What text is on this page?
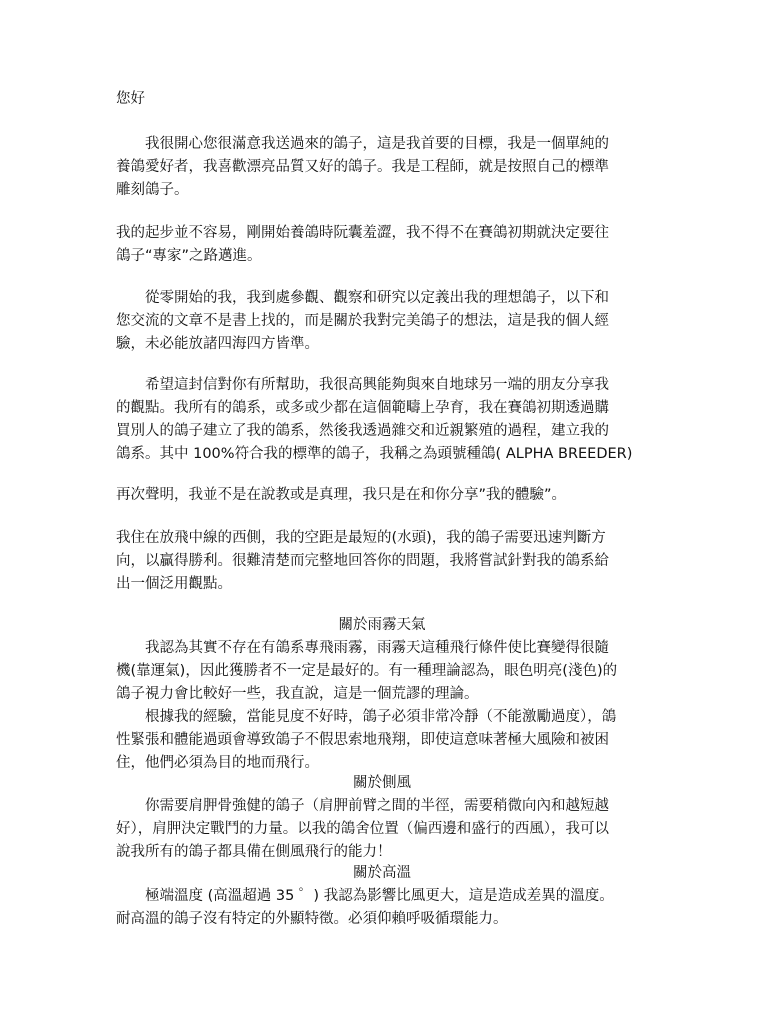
您好

　　我很開心您很滿意我送過來的鴿子，這是我首要的目標，我是一個單純的
養鴿愛好者，我喜歡漂亮品質又好的鴿子。我是工程師，就是按照自己的標準
雕刻鴿子。

我的起步並不容易，剛開始養鴿時阮囊羞澀，我不得不在賽鴿初期就決定要往
鴿子“專家”之路邁進。

　　從零開始的我，我到處參觀、觀察和研究以定義出我的理想鴿子，以下和
您交流的文章不是書上找的，而是關於我對完美鴿子的想法，這是我的個人經
驗，未必能放諸四海四方皆準。

　　希望這封信對你有所幫助，我很高興能夠與來自地球另一端的朋友分享我
的觀點。我所有的鴿系，或多或少都在這個範疇上孕育，我在賽鴿初期透過購
買別人的鴿子建立了我的鴿系，然後我透過雜交和近親繁殖的過程，建立我的
鴿系。其中 100%符合我的標準的鴿子，我稱之為頭號種鴿( ALPHA BREEDER)

再次聲明，我並不是在說教或是真理，我只是在和你分享”我的體驗”。

我住在放飛中線的西側，我的空距是最短的(水頭)，我的鴿子需要迅速判斷方
向，以贏得勝利。很難清楚而完整地回答你的問題，我將嘗試針對我的鴿系給
出一個泛用觀點。

關於雨霧天氣

　　我認為其實不存在有鴿系專飛雨霧，雨霧天這種飛行條件使比賽變得很隨
機(靠運氣)，因此獲勝者不一定是最好的。有一種理論認為，眼色明亮(淺色)的
鴿子視力會比較好一些，我直說，這是一個荒謬的理論。
　　根據我的經驗，當能見度不好時，鴿子必須非常冷靜（不能激勵過度），鴿
性緊張和體能過頭會導致鴿子不假思索地飛翔，即使這意味著極大風險和被困
住，他們必須為目的地而飛行。

關於側風

　　你需要肩胛骨強健的鴿子（肩胛前臂之間的半徑，需要稍微向內和越短越
好），肩胛決定戰鬥的力量。以我的鴿舍位置（偏西邊和盛行的西風），我可以
說我所有的鴿子都具備在側風飛行的能力！

關於高溫

　　極端溫度 (高溫超過 35 ゜) 我認為影響比風更大，這是造成差異的溫度。
耐高溫的鴿子沒有特定的外顯特徵。必須仰賴呼吸循環能力。
